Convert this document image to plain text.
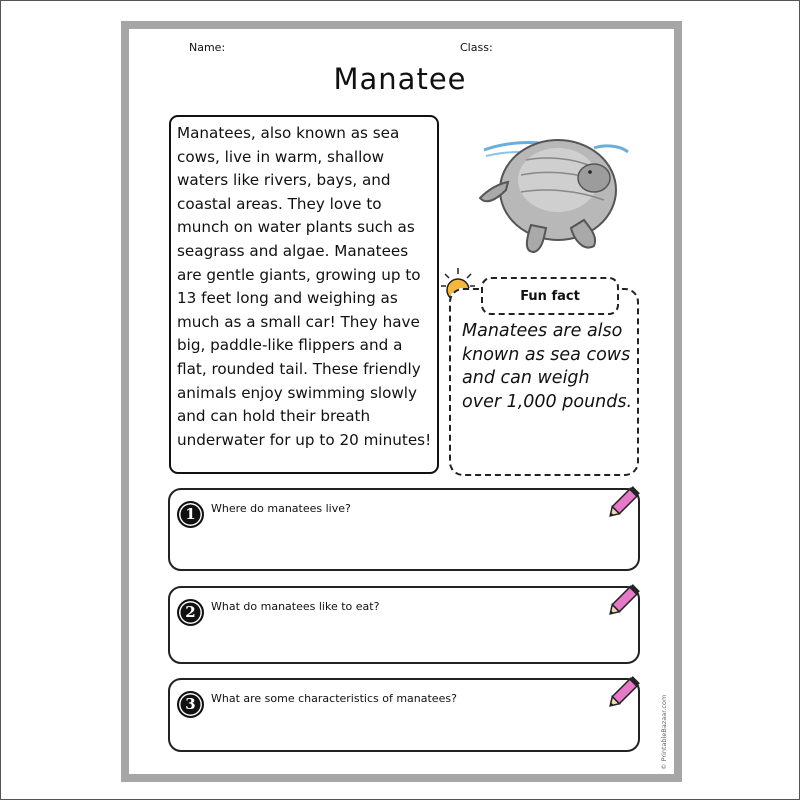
Name:	Class:
Manatee
Manatees, also known as sea cows, live in warm, shallow waters like rivers, bays, and coastal areas. They love to munch on water plants such as seagrass and algae. Manatees are gentle giants, growing up to 13 feet long and weighing as much as a small car! They have big, paddle-like flippers and a flat, rounded tail. These friendly animals enjoy swimming slowly and can hold their breath underwater for up to 20 minutes!
Fun fact
Manatees are also known as sea cows and can weigh over 1,000 pounds.
1	Where do manatees live?
2	What do manatees like to eat?
3	What are some characteristics of manatees?	© PrintableBazaar.com
